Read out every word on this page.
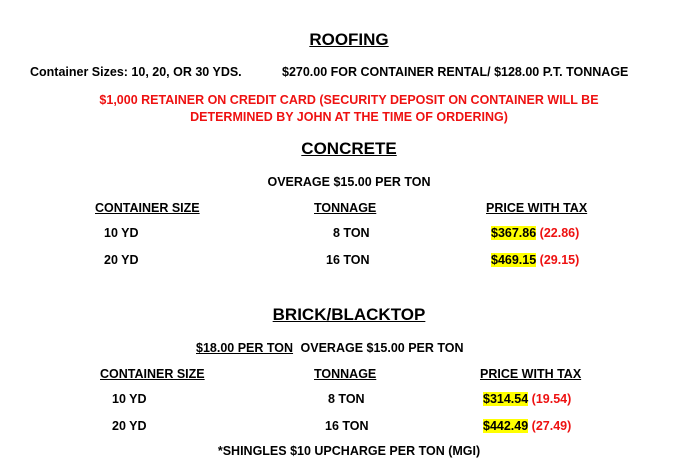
ROOFING
Container Sizes: 10, 20, OR 30 YDS.	$270.00 FOR CONTAINER RENTAL/ $128.00 P.T. TONNAGE
$1,000 RETAINER ON CREDIT CARD (SECURITY DEPOSIT ON CONTAINER WILL BE
DETERMINED BY JOHN AT THE TIME OF ORDERING)
CONCRETE
OVERAGE $15.00 PER TON
CONTAINER SIZE	TONNAGE	PRICE WITH TAX
10 YD	8 TON	$367.86 (22.86)
20 YD	16 TON	$469.15 (29.15)
BRICK/BLACKTOP
$18.00 PER TON OVERAGE $15.00 PER TON
CONTAINER SIZE	TONNAGE	PRICE WITH TAX
10 YD	8 TON	$314.54 (19.54)
20 YD	16 TON	$442.49 (27.49)
*SHINGLES $10 UPCHARGE PER TON (MGI)
